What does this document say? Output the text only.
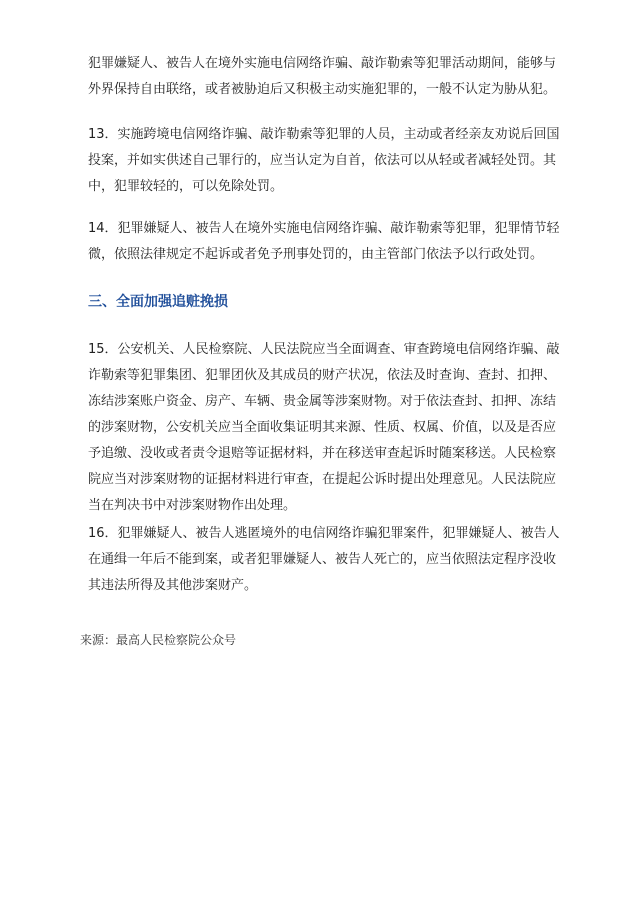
犯罪嫌疑人、被告人在境外实施电信网络诈骗、敲诈勒索等犯罪活动期间，能够与
外界保持自由联络，或者被胁迫后又积极主动实施犯罪的，一般不认定为胁从犯。
13．实施跨境电信网络诈骗、敲诈勒索等犯罪的人员，主动或者经亲友劝说后回国
投案，并如实供述自己罪行的，应当认定为自首，依法可以从轻或者减轻处罚。其
中，犯罪较轻的，可以免除处罚。
14．犯罪嫌疑人、被告人在境外实施电信网络诈骗、敲诈勒索等犯罪，犯罪情节轻
微，依照法律规定不起诉或者免予刑事处罚的，由主管部门依法予以行政处罚。
三、全面加强追赃挽损
15．公安机关、人民检察院、人民法院应当全面调查、审查跨境电信网络诈骗、敲
诈勒索等犯罪集团、犯罪团伙及其成员的财产状况，依法及时查询、查封、扣押、
冻结涉案账户资金、房产、车辆、贵金属等涉案财物。对于依法查封、扣押、冻结
的涉案财物，公安机关应当全面收集证明其来源、性质、权属、价值，以及是否应
予追缴、没收或者责令退赔等证据材料，并在移送审查起诉时随案移送。人民检察
院应当对涉案财物的证据材料进行审查，在提起公诉时提出处理意见。人民法院应
当在判决书中对涉案财物作出处理。
16．犯罪嫌疑人、被告人逃匿境外的电信网络诈骗犯罪案件，犯罪嫌疑人、被告人
在通缉一年后不能到案，或者犯罪嫌疑人、被告人死亡的，应当依照法定程序没收
其违法所得及其他涉案财产。
来源：最高人民检察院公众号
